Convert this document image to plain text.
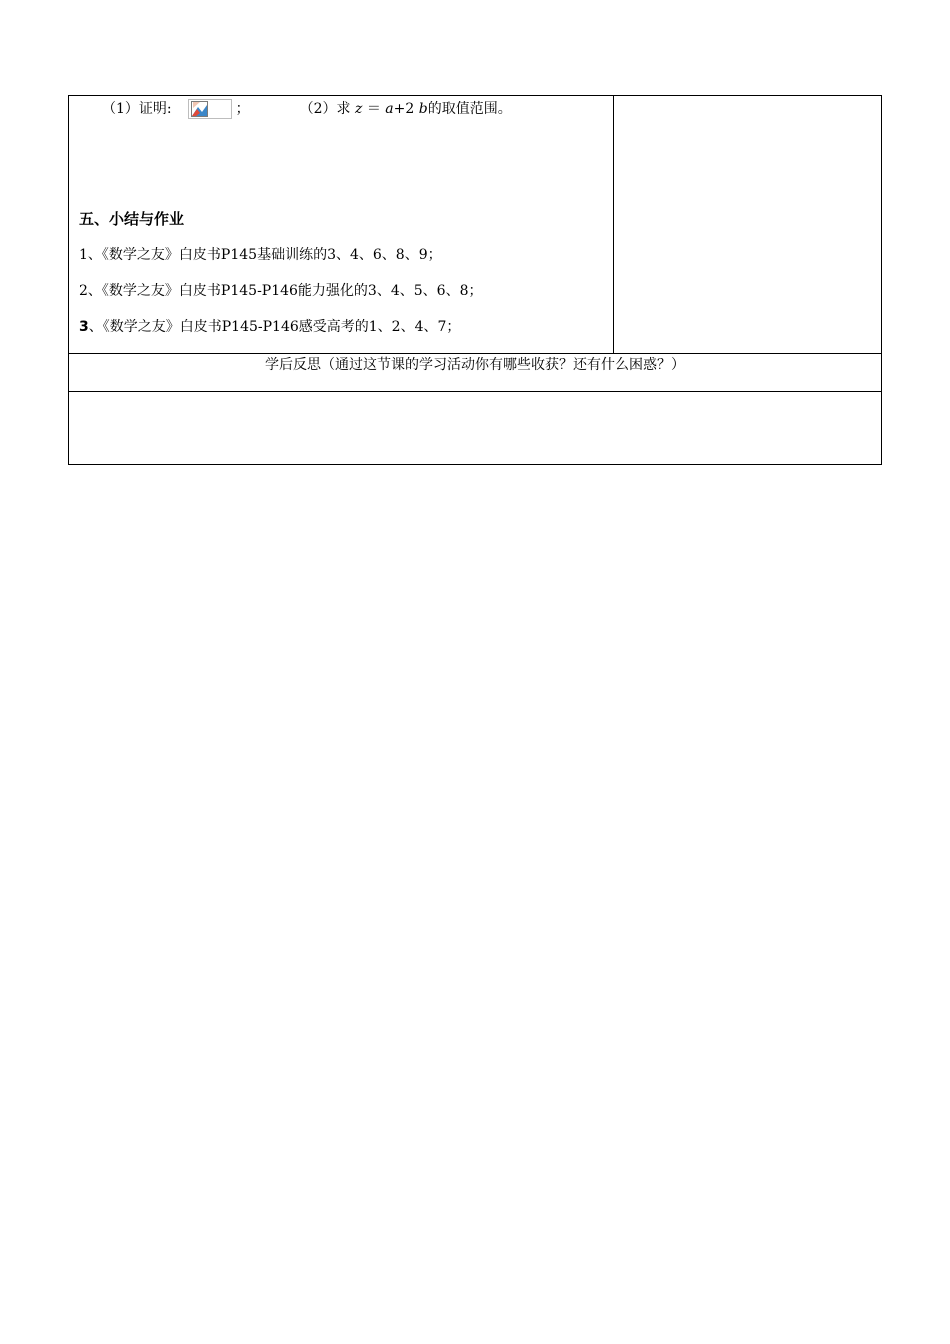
（1）证明:	；	（2）求 z ＝ a+2 b的取值范围。
五、小结与作业
1、《数学之友》白皮书P145基础训练的3、4、6、8、9；
2、《数学之友》白皮书P145-P146能力强化的3、4、5、6、8；
3、《数学之友》白皮书P145-P146感受高考的1、2、4、7；
学后反思（通过这节课的学习活动你有哪些收获？还有什么困惑？）
